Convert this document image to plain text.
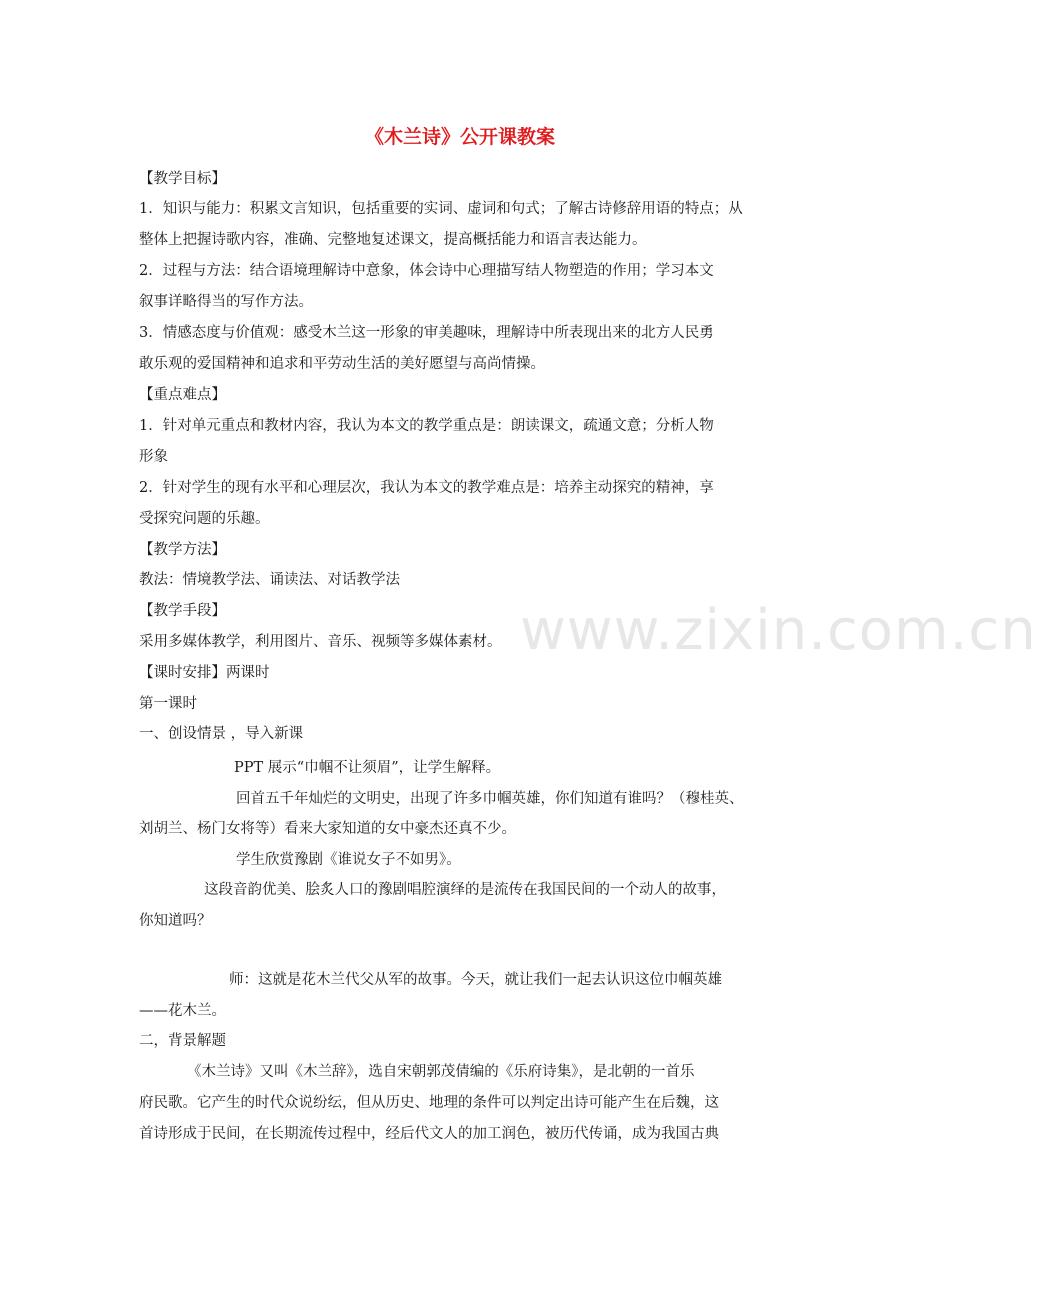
www.zixin.com.cn
《木兰诗》公开课教案

【教学目标】

1．知识与能力：积累文言知识，包括重要的实词、虚词和句式；了解古诗修辞用语的特点；从

整体上把握诗歌内容，准确、完整地复述课文，提高概括能力和语言表达能力。

2．过程与方法：结合语境理解诗中意象，体会诗中心理描写结人物塑造的作用；学习本文

叙事详略得当的写作方法。

3．情感态度与价值观：感受木兰这一形象的审美趣味，理解诗中所表现出来的北方人民勇

敢乐观的爱国精神和追求和平劳动生活的美好愿望与高尚情操。

【重点难点】

1．针对单元重点和教材内容，我认为本文的教学重点是：朗读课文，疏通文意；分析人物

形象

2．针对学生的现有水平和心理层次，我认为本文的教学难点是：培养主动探究的精神，享

受探究问题的乐趣。

【教学方法】

教法：情境教学法、诵读法、对话教学法

【教学手段】

采用多媒体教学，利用图片、音乐、视频等多媒体素材。

【课时安排】两课时

第一课时

一、创设情景 ，导入新课

PPT 展示“巾帼不让须眉”，让学生解释。

回首五千年灿烂的文明史，出现了许多巾帼英雄，你们知道有谁吗？（穆桂英、

刘胡兰、杨门女将等）看来大家知道的女中豪杰还真不少。

学生欣赏豫剧《谁说女子不如男》。

这段音韵优美、脍炙人口的豫剧唱腔演绎的是流传在我国民间的一个动人的故事，

你知道吗？

师：这就是花木兰代父从军的故事。今天，就让我们一起去认识这位巾帼英雄

——花木兰。

二，背景解题

《木兰诗》又叫《木兰辞》，选自宋朝郭茂倩编的《乐府诗集》，是北朝的一首乐

府民歌。它产生的时代众说纷纭，但从历史、地理的条件可以判定出诗可能产生在后魏，这

首诗形成于民间，在长期流传过程中，经后代文人的加工润色，被历代传诵，成为我国古典
